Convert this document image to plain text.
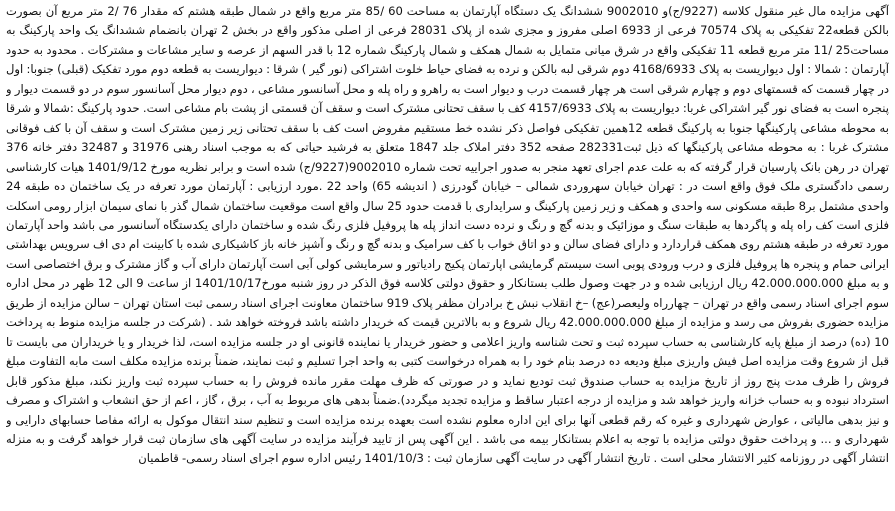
آگهی مزایده مال غیر منقول کلاسه (9227/ج)و 9002010 ششدانگ یک دستگاه آپارتمان به مساحت 60 /85 متر مربع واقع در شمال طبقه هشتم که مقدار 76 /2 متر مربع آن بصورت بالکن قطعه22 تفکیکی به پلاک 70574 فرعی از 6933 اصلی مفروز و مجزی شده از پلاک 28031 فرعی از اصلی مذکور واقع در بخش 2 تهران بانضمام ششدانگ یک واحد پارکینگ به مساحت25 /11 متر مربع قطعه 11 تفکیکی واقع در شرق میانی متمایل به شمال همکف و شمال پارکینگ شماره 12 با قدر السهم از عرصه و سایر مشاعات و مشترکات . محدود به حدود آپارتمان : شمالا : اول دیواریست به پلاک 4168/6933 دوم شرقی لبه بالکن و نرده به فضای حیاط خلوت اشتراکی (نور گیر ) شرقا : دیواریست به قطعه دوم مورد تفکیک (قبلی) جنوبا: اول در چهار قسمت که قسمتهای دوم و چهارم شرقی است هر چهار قسمت درب و دیوار است به راهرو و راه پله و محل آسانسور مشاعی ، دوم دیوار محل آسانسور سوم در دو قسمت دیوار و پنجره است به فضای نور گیر اشتراکی غربا: دیواریست به پلاک 4157/6933 کف با سقف تحتانی مشترک است و سقف آن قسمتی از پشت بام مشاعی است. حدود پارکینگ :شمالا و شرقا به محوطه مشاعی پارکینگها جنوبا به پارکینگ قطعه 12همین تفکیکی فواصل ذکر نشده خط مستقیم مفروض است کف با سقف تحتانی زیر زمین مشترک است و سقف آن با کف فوقانی مشترک غربا : به محوطه مشاعی پارکینگها که ذیل ثبت282331 صفحه 352 دفتر املاک جلد 1847 متعلق به فرشید حیاتی که به موجب اسناد رهنی 31976 و 32487 دفتر خانه 376 تهران در رهن بانک پارسیان قرار گرفته که به علت عدم اجرای تعهد منجر به صدور اجراییه تحت شماره 9002010(9227/ج) شده است و برابر نظریه مورخ 1401/9/12 هیات کارشناسی رسمی دادگستری ملک فوق واقع است در : تهران خیابان سهروردی شمالی – خیابان گودرزی ( اندیشه 65) واحد 22 .مورد ارزیابی : آپارتمان مورد تعرفه در یک ساختمان ده طبقه 24 واحدی مشتمل بر8 طبقه مسکونی سه واحدی و همکف و زیر زمین پارکینگ و سرایداری با قدمت حدود 25 سال واقع است موقعیت ساختمان شمال گذر با نمای سیمان ابزار رومی اسکلت فلزی است کف راه پله و پاگردها به طبقات سنگ و موزائیک و بدنه گچ و رنگ و نرده دست انداز پله ها پروفیل فلزی رنگ شده و ساختمان دارای یکدستگاه آسانسور می باشد واحد آپارتمان مورد تعرفه در طبقه هشتم روی همکف قراردارد و دارای فضای سالن و دو اتاق خواب با کف سرامیک و بدنه گچ و رنگ و آشپز خانه باز کاشیکاری شده با کابینت ام دی اف سرویس بهداشتی ایرانی حمام و پنجره ها پروفیل فلزی و درب ورودی پوبی است سیستم گرمایشی اپارتمان پکیج رادیاتور و سرمایشی کولی آبی است آپارتمان دارای آب و گاز مشترک و برق اختصاصی است و به مبلغ 42.000.000.000 ریال ارزیابی شده و در جهت وصول طلب بستانکار و حقوق دولتی کلاسه فوق الذکر در روز شنبه مورخ1401/10/17 از ساعت 9 الی 12 ظهر در محل اداره سوم اجرای اسناد رسمی واقع در تهران – چهارراه ولیعصر(عج) –خ انقلاب نبش خ برادران مظفر پلاک 919 ساختمان معاونت اجرای اسناد رسمی ثبت استان تهران – سالن مزایده از طریق مزایده حضوری بفروش می رسد و مزایده از مبلغ 42.000.000.000 ریال شروع و به بالاترین قیمت که خریدار داشته باشد فروخته خواهد شد . (شرکت در جلسه مزایده منوط به پرداخت 10 (ده) درصد از مبلغ پایه کارشناسی به حساب سپرده ثبت و تحت شناسه واریز اعلامی و حضور خریدار یا نماینده قانونی او در جلسه مزایده است، لذا خریدار و یا خریداران می بایست تا قبل از شروع وقت مزایده اصل فیش واریزی مبلغ ودیعه ده درصد بنام خود را به همراه درخواست کتبی به واحد اجرا تسلیم و ثبت نمایند، ضمناً برنده مزایده مکلف است مابه التفاوت مبلغ فروش را ظرف مدت پنج روز از تاریخ مزایده به حساب صندوق ثبت تودیع نماید و در صورتی که ظرف مهلت مقرر مانده فروش را به حساب سپرده ثبت واریز نکند، مبلغ مذکور قابل استرداد نبوده و به حساب خزانه واریز خواهد شد و مزایده از درجه اعتبار ساقط و مزایده تجدید میگردد).ضمناً بدهی های مربوط به آب ، برق ، گاز ، اعم از حق انشعاب و اشتراک و مصرف و نیز بدهی مالیاتی ، عوارض شهرداری و غیره که رقم قطعی آنها برای این اداره معلوم نشده است بعهده برنده مزایده است و تنظیم سند انتقال موکول به ارائه مفاصا حسابهای دارایی و شهرداری و ... و پرداخت حقوق دولتی مزایده با توجه به اعلام بستانکار بیمه می باشد . این آگهی پس از تایید فرآیند مزایده در سایت آگهی های سازمان ثبت قرار خواهد گرفت و به منزله انتشار آگهی در روزنامه کثیر الانتشار محلی است . تاریخ انتشار آگهی در سایت آگهی سازمان ثبت : 1401/10/3 رئیس اداره سوم اجرای اسناد رسمی- قاطمیان
